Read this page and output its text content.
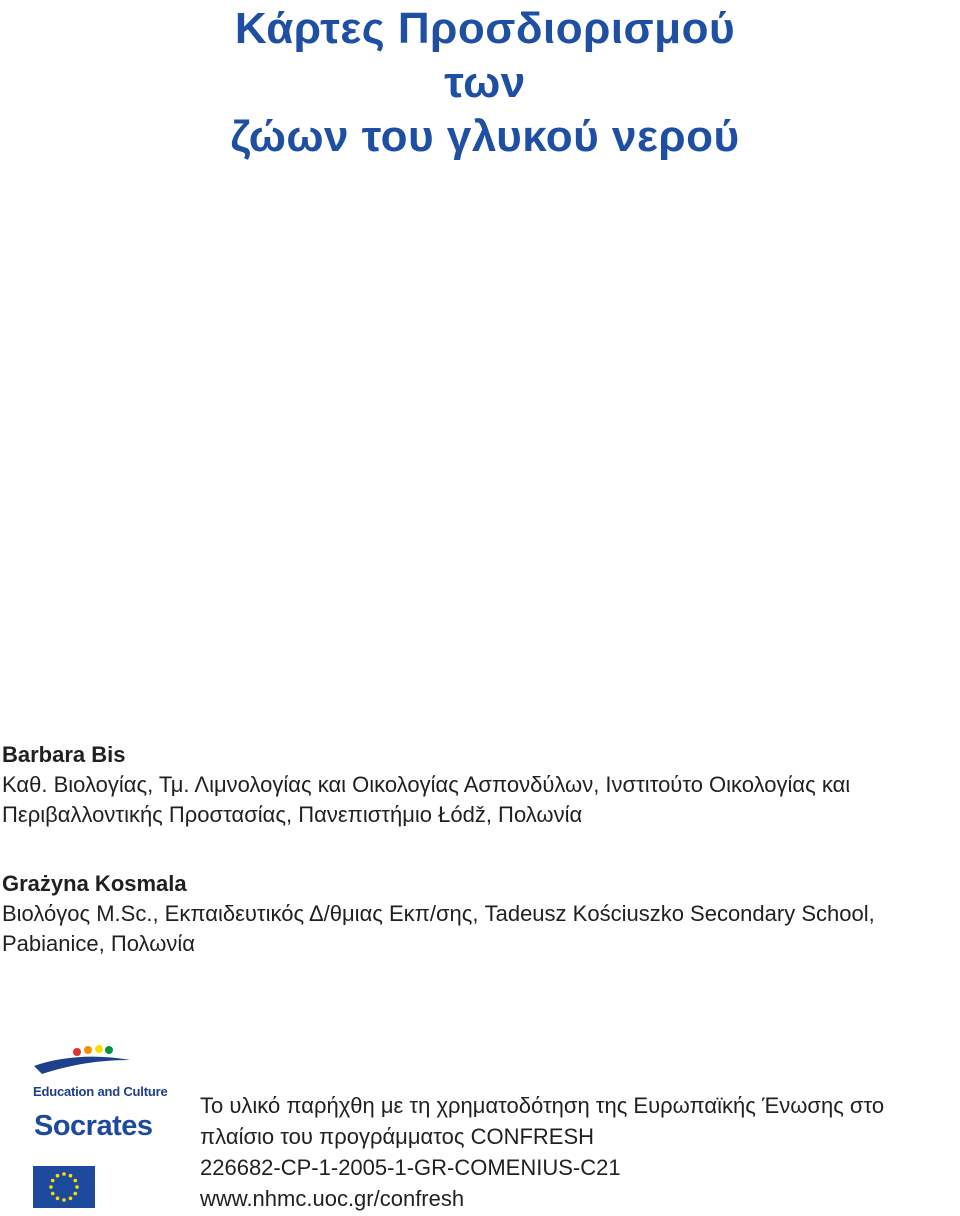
Κάρτες Προσδιορισμού
των
ζώων του γλυκού νερού
Barbara Bis
Καθ. Βιολογίας, Τμ. Λιμνολογίας και Οικολογίας Ασπονδύλων, Ινστιτούτο Οικολογίας και Περιβαλλοντικής Προστασίας, Πανεπιστήμιο Łódž, Πολωνία
Grażyna Kosmala
Βιολόγος M.Sc., Εκπαιδευτικός Δ/θμιας Εκπ/σης, Tadeusz Kościuszko Secondary School, Pabianice, Πολωνία
Education and Culture
Socrates
Το υλικό παρήχθη με τη χρηματοδότηση της Ευρωπαϊκής Ένωσης στο
πλαίσιο του προγράμματος CONFRESH
226682-CP-1-2005-1-GR-COMENIUS-C21
www.nhmc.uoc.gr/confresh
